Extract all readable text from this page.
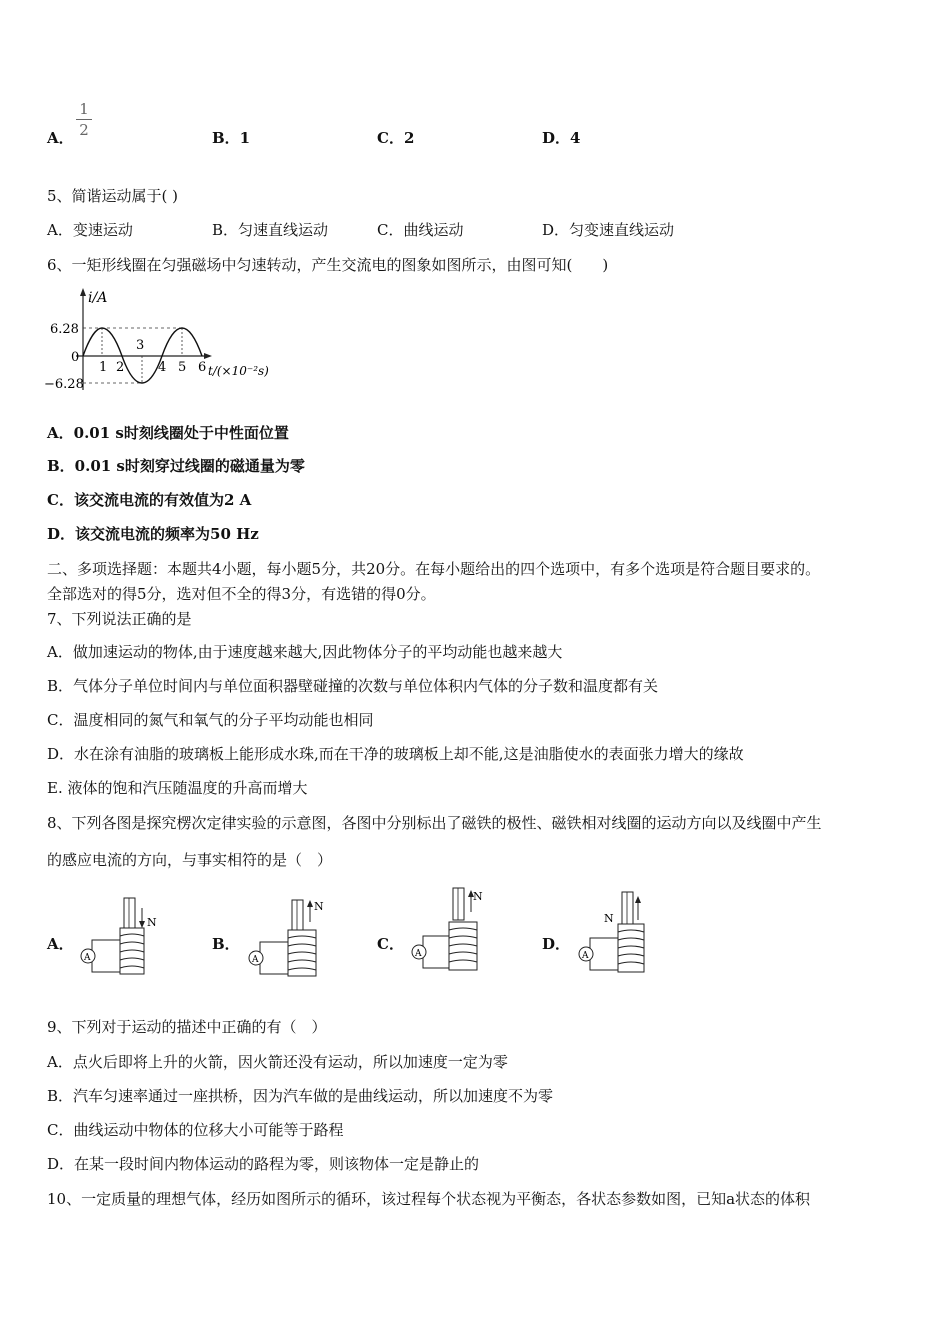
A．
1
2	B．1	C．2	D．4
5、简谐运动属于( )
A．变速运动	B．匀速直线运动	C．曲线运动	D．匀变速直线运动
6、一矩形线圈在匀强磁场中匀速转动，产生交流电的图象如图所示，由图可知(　　)
i/A
6.28
0
−6.28
1 2
3
4 5 6 t/(×10⁻²s)
A．0.01 s时刻线圈处于中性面位置
B．0.01 s时刻穿过线圈的磁通量为零
C．该交流电流的有效值为2 A
D．该交流电流的频率为50 Hz
二、多项选择题：本题共4小题，每小题5分，共20分。在每小题给出的四个选项中，有多个选项是符合题目要求的。
全部选对的得5分，选对但不全的得3分，有选错的得0分。
7、下列说法正确的是
A．做加速运动的物体,由于速度越来越大,因此物体分子的平均动能也越来越大
B．气体分子单位时间内与单位面积器壁碰撞的次数与单位体积内气体的分子数和温度都有关
C．温度相同的氮气和氧气的分子平均动能也相同
D．水在涂有油脂的玻璃板上能形成水珠,而在干净的玻璃板上却不能,这是油脂使水的表面张力增大的缘故
E. 液体的饱和汽压随温度的升高而增大
8、下列各图是探究楞次定律实验的示意图，各图中分别标出了磁铁的极性、磁铁相对线圈的运动方向以及线圈中产生
的感应电流的方向，与事实相符的是（　）
A．	B．	C．	D．
N
A
N
A
N
A
N
A
9、下列对于运动的描述中正确的有（　）
A．点火后即将上升的火箭，因火箭还没有运动，所以加速度一定为零
B．汽车匀速率通过一座拱桥，因为汽车做的是曲线运动，所以加速度不为零
C．曲线运动中物体的位移大小可能等于路程
D．在某一段时间内物体运动的路程为零，则该物体一定是静止的
10、一定质量的理想气体，经历如图所示的循环，该过程每个状态视为平衡态，各状态参数如图，已知a状态的体积
